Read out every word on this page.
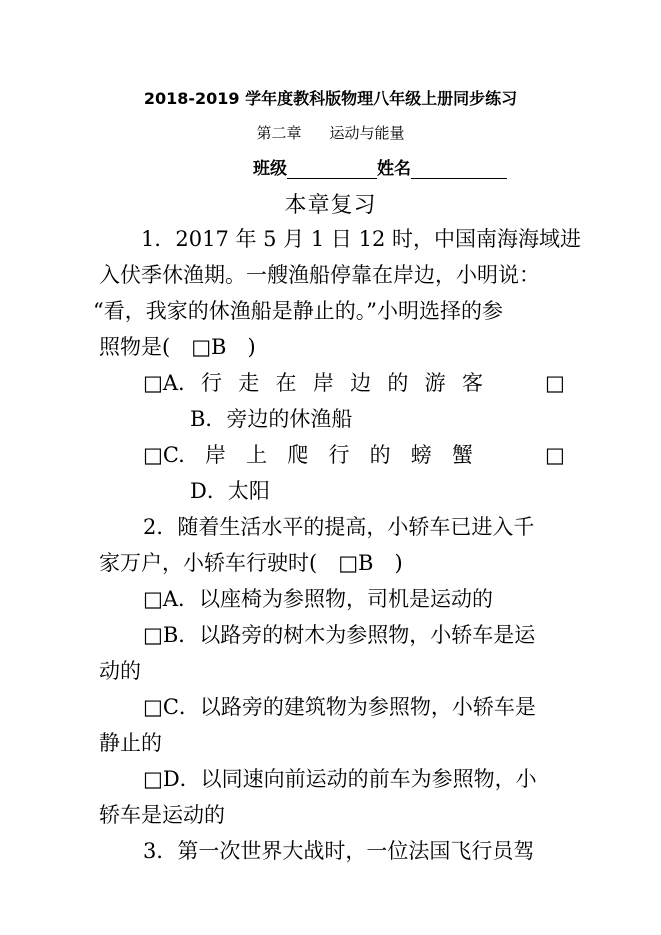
2018-2019 学年度教科版物理八年级上册同步练习
第二章 运动与能量
班级	姓名
本章复习
1．2017 年 5 月 1 日 12 时，中国南海海域进
入伏季休渔期。一艘渔船停靠在岸边，小明说：
“看，我家的休渔船是静止的。”小明选择的参
照物是(　□B　)
□A. 行 走 在 岸 边 的 游 客	□
B．旁边的休渔船
□C. 岸 上 爬 行 的 螃 蟹	□
D．太阳
2．随着生活水平的提高，小轿车已进入千
家万户，小轿车行驶时(　□B　)
□A．以座椅为参照物，司机是运动的
□B．以路旁的树木为参照物，小轿车是运
动的
□C．以路旁的建筑物为参照物，小轿车是
静止的
□D．以同速向前运动的前车为参照物，小
轿车是运动的
3．第一次世界大战时，一位法国飞行员驾
